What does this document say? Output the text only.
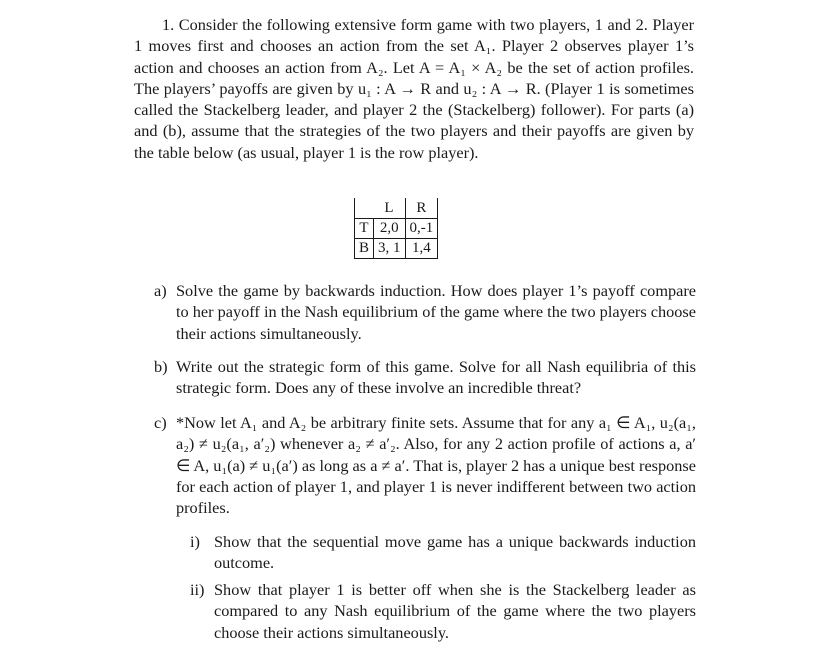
1. Consider the following extensive form game with two players, 1 and 2. Player 1 moves first and chooses an action from the set A₁. Player 2 observes player 1’s action and chooses an action from A₂. Let A = A₁ × A₂ be the set of action profiles. The players’ payoffs are given by u₁ : A → R and u₂ : A → R. (Player 1 is sometimes called the Stackelberg leader, and player 2 the (Stackelberg) follower). For parts (a) and (b), assume that the strategies of the two players and their payoffs are given by the table below (as usual, player 1 is the row player).
	L	R
T	2,0	0,-1
B	3, 1	1,4
a) Solve the game by backwards induction. How does player 1’s payoff compare to her payoff in the Nash equilibrium of the game where the two players choose their actions simultaneously.
b) Write out the strategic form of this game. Solve for all Nash equilibria of this strategic form. Does any of these involve an incredible threat?
c) *Now let A₁ and A₂ be arbitrary finite sets. Assume that for any a₁ ∈ A₁, u₂(a₁, a₂) ≠ u₂(a₁, a′₂) whenever a₂ ≠ a′₂. Also, for any 2 action profile of actions a, a′ ∈ A, u₁(a) ≠ u₁(a′) as long as a ≠ a′. That is, player 2 has a unique best response for each action of player 1, and player 1 is never indifferent between two action profiles.
i) Show that the sequential move game has a unique backwards induction outcome.
ii) Show that player 1 is better off when she is the Stackelberg leader as compared to any Nash equilibrium of the game where the two players choose their actions simultaneously.
